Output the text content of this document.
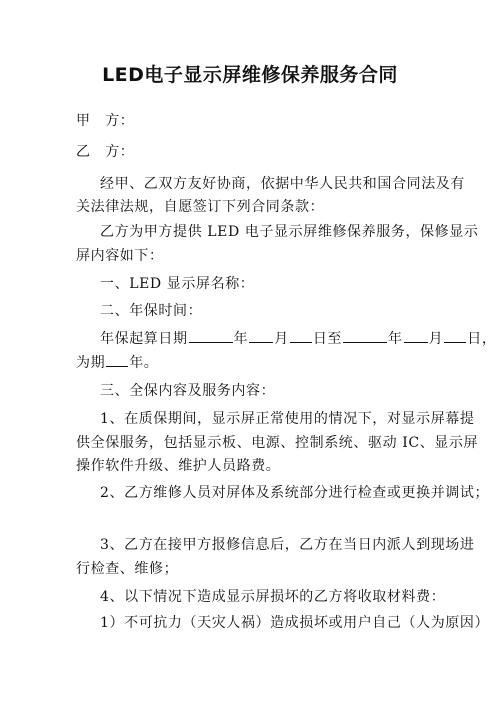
LED电子显示屏维修保养服务合同
甲　方：
乙　方：
经甲、乙双方友好协商，依据中华人民共和国合同法及有
关法律法规，自愿签订下列合同条款：
乙方为甲方提供 LED 电子显示屏维修保养服务，保修显示
屏内容如下：
一、LED 显示屏名称：
二、年保时间：
年保起算日期	年 月 日至	年 月 日，
为期 年。
三、全保内容及服务内容：
1、在质保期间，显示屏正常使用的情况下，对显示屏幕提
供全保服务，包括显示板、电源、控制系统、驱动 IC、显示屏
操作软件升级、维护人员路费。
2、乙方维修人员对屏体及系统部分进行检查或更换并调试；
3、乙方在接甲方报修信息后，乙方在当日内派人到现场进
行检查、维修；
4、以下情况下造成显示屏损坏的乙方将收取材料费：
1）不可抗力（天灾人祸）造成损坏或用户自己（人为原因）
